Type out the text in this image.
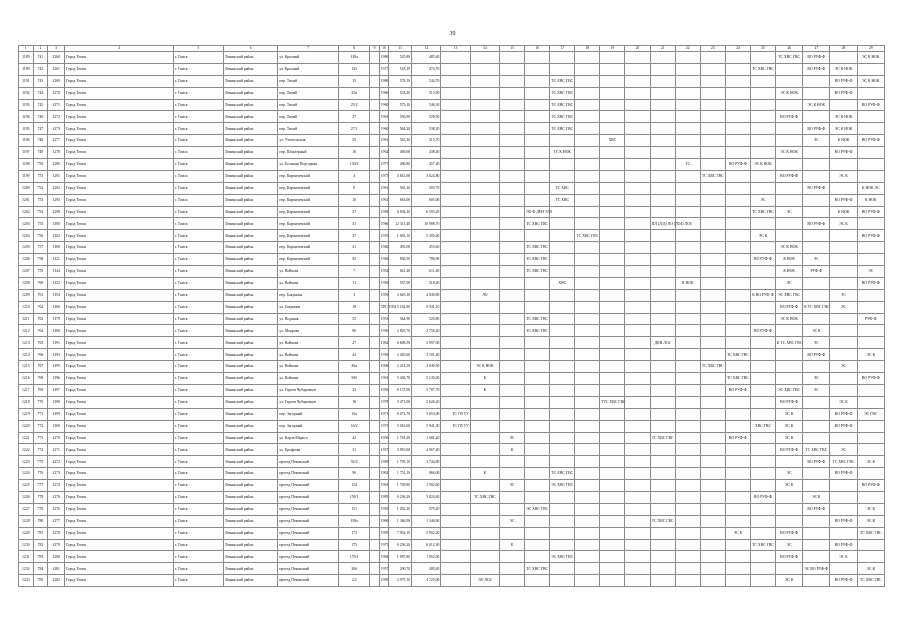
39
1	2	3	4	5	6	7	8	9	10	11	12	13	14	15	16	17	18	19	20	21	22	23	24	25	26	27	28	29
1189	741	1260	Город Томск	г. Томск	Ленинский район	ул. Красный	138а		1986	525,80	485,40														ТС ХВС ГВС	ВО РУФ-Ф		ЭС К НОК
1190	742	1261	Город Томск	г. Томск	Ленинский район	ул. Красный	143		1977	518,19	474,70													ТС ХВС ГВС		ВО РУФ-Ф	ЭС К НОК	
1191	743	1269	Город Томск	г. Томск	Ленинский район	пер. Тихий	15		1986	578,10	544,70					ТС ХВС ГВС											ВО РУФ-Ф	ЭС К НОК
1192	744	1270	Город Томск	г. Томск	Ленинский район	пер. Тихий	25а		1966	553,20	513,90					ТС ХВС ГВС									ЭС К НОК		ВО РУФ-Ф	
1193	745	1271	Город Томск	г. Томск	Ленинский район	пер. Тихий	25/2		1960	575,10	546,30					ТС ХВС ГВС										ЭС К НОК		ВО РУФ-Ф
1194	746	1272	Город Томск	г. Томск	Ленинский район	пер. Тихий	27		1961	556,90	529,50					ТС ХВС ГВС									ВО РУФ-Ф		ЭС К НОК	
1195	747	1273	Город Томск	г. Томск	Ленинский район	пер. Тихий	27/1		1960	564,20	538,20					ТС ХВС ГВС										ВО РУФ-Ф	ЭС К НОК	
1196	748	1277	Город Томск	г. Томск	Ленинский район	ул. Учительская	55		1961	545,30	515,70							ХВС								ЭС	К НОК	ВО РУФ-Ф
1197	749	1278	Город Томск	г. Томск	Ленинский район	пер. Шпалерный	16		1962	469,60	438,40					ТС К НОК									ЭС К НОК		ВО РУФ-Ф	
1198	750	1286	Город Томск	г. Томск	Ленинский район	ул. Большая Подгорная	130/4		1977	496,80	457,40										ТС		ВО РУФ-Ф	ЭС К НОК				
1199	751	1291	Город Томск	г. Томск	Ленинский район	пер. Карпичевский	4		1975	3 841,60	3 624,80											ТС ХВС ГВС			ВО РУФ-Ф		ЭС К	
1200	752	1292	Город Томск	г. Томск	Ленинский район	пер. Карпичевский	8		1961	563,30	503,70					ТС ХВС										ВО РУФ-Ф		К НОК ЭС
1201	753	1293	Город Томск	г. Томск	Ленинский район	пер. Карпичевский	10		1961	663,00	605,00					ТС ХВС								ЭС			ВО РУФ-Ф	К НОК
1202	754	1298	Город Томск	г. Томск	Ленинский район	пер. Карпичевский	27		1958	6 994,20	6 593,20				ЛО Ф ДЕН ЭЛЭ									ТС ХВС ГВС	ЭС		К НОК	ВО РУФ-Ф
1203	755	1300	Город Томск	г. Томск	Ленинский район	пер. Карпичевский	31		1986	12 311,40	10 988,70				ТС ХВС ГВС					ПЛ (Л/Д) ЛО (ЛО4) ЛО5						ВО РУФ-Ф	ЭС К	
1204	756	1302	Город Томск	г. Томск	Ленинский район	пер. Карпичевский	37		1976	1 063,10	5 305,40						ТС ХВС ГВС							ЭС К				ВО РУФ-Ф
1205	757	1308	Город Томск	г. Томск	Ленинский район	пер. Карпичевский	41		1946	493,00	455,60				ТС ХВС ГВС										ЭС К НОК			
1206	758	1321	Город Томск	г. Томск	Ленинский район	пер. Карпичевский	45		1948	836,50	786,90				ТС ХВС ГВС									ВО РУФ-Ф	К НОК	ЭС		
1207	759	1344	Город Томск	г. Томск	Ленинский район	ул. Войкова	7		1954	661,40	611,40				ТС ХВС ГВС										К НОК	РУФ-Ф		ЭС
1208	760	1352	Город Томск	г. Томск	Ленинский район	ул. Войкова	11		1958	537,00	518,40					ХВС					К НОК				ЭС			ВО РУФ-Ф
1209	761	1354	Город Томск	г. Томск	Ленинский район	пер. Бакунина	3		1959	3 645,10	4 849,80		ЛО											К ВО РУФ-Ф	ЭС ХВС ГВС		ТС	
1210	762	1360	Город Томск	г. Томск	Ленинский район	ул. Бакунина	18		ТРС 1954	5 182,80	5 941,10														ВО РУФ-Ф	К ТС ХВС ГВС	ЭС	
1211	763	1379	Город Томск	г. Томск	Ленинский район	ул. Водяная	55		1953	564,90	520,80				ТС ХВС ГВС										ЭС К НОК			РУФ-Ф
1212	764	1380	Город Томск	г. Томск	Ленинский район	ул. Мокрова	96		1956	2 825,70	2 756,20				ТС ХВС ГВС									ВО РУФ-Ф		ЭС К		
1213	765	1391	Город Томск	г. Томск	Ленинский район	ул. Войкова	27		1962	6 609,50	5 997,00									ДЕН ЛО2					К ТС ХВС ГВС	ЭС		
1214	766	1393	Город Томск	г. Томск	Ленинский район	ул. Войкова	44		1959	3 465,60	3 101,40												ТС ХВС ГВС			ВО РУФ-Ф		ЭС К
1215	767	1395	Город Томск	г. Томск	Ленинский район	ул. Войкова	46а		1969	2 214,50	2 040,50		ЭС К НОК									ТС ХВС ГВС					ЭС	
1216	768	1396	Город Томск	г. Томск	Ленинский район	ул. Войкова	50б		1961	5 436,70	5 145,00		К										ТС ХВС ГВС			ЭС		ВО РУФ-Ф
1217	769	1397	Город Томск	г. Томск	Ленинский район	ул. Героев Чубаровцев	23		1959	6 137,00	5 787,70		К										ВО РУФ-Ф		ЭС ХВС ГВС	ЭС		
1218	770	1398	Город Томск	г. Томск	Ленинский район	ул. Героев Чубаровцев	16		1978	3 471,00	3 626,20							ТТС ХВС ГВС							ВО РУФ-Ф		ЭС К	
1219	771	1399	Город Томск	г. Томск	Ленинский район	пер. Загорный	16а		1973	6 072,70	5 053,00	ТС ГВ ТУ													ЭС К		ВО РУФ-Ф	ЭС ГВС
1220	772	1369	Город Томск	г. Томск	Ленинский район	пер. Загорный	16/2		1973	5 016,60	5 941,30	ТС ГВ ТУ												ХВС ГВС	ЭС К		ВО РУФ-Ф	
1221	773	1270	Город Томск	г. Томск	Ленинский район	ул. Карла Маркса	42		1956	1 761,20	1 681,20			ЭС						ТС ХВС ГВС			ВО РУФ-Ф		ЭС К			
1222	774	1271	Город Томск	г. Томск	Ленинский район	ул. Ерофеева	31		1957	3 810,00	4 067,40			К											ВО РУФ-Ф	ТС ХВС ГВС	ЭС	
1223	775	1272	Город Томск	г. Томск	Ленинский район	проезд Пекинский	92/2		1958	1 795,10	1 744,80															ВО РУФ-Ф	ТС ХВС ГВС	ЭС К
1224	776	1273	Город Томск	г. Томск	Ленинский район	проезд Пекинский	96		1962	1 751,10	866,00		К			ТС ХВС ГВС									ЭС		ВО РУФ-Ф	
1225	777	1274	Город Томск	г. Томск	Ленинский район	проезд Пекинский	154		1961	1 749,80	1 582,60			ЭС		ЭС ХВС ГВС									ЭС К			ВО РУФ-Ф
1226	778	1276	Город Томск	г. Томск	Ленинский район	проезд Пекинский	158/1		1985	6 236,20	5 824,40		ТС ХВС ГВС											ВО РУФ-Ф		ЭС К		
1227	779	1276	Город Томск	г. Томск	Ленинский район	проезд Пекинский	151		1959	1 032,20	979,20				ЭС ХВС ГВС											ВО РУФ-Ф		ЭС К
1228	780	1277	Город Томск	г. Томск	Ленинский район	проезд Пекинский	158а		1966	1 346,90	1 346,90			ЭС						ТС ХВС ГВС							ВО РУФ-Ф	ЭС К
1229	781	1278	Город Томск	г. Томск	Ленинский район	проезд Пекинский	173		1995	7 902,10	5 902,20												ЭС К		ВО РУФ-Ф			ТС ХВС ГВС
1230	782	1279	Город Томск	г. Томск	Ленинский район	проезд Пекинский	175		1975	6 256,20	6 012,30			К										ТС ХВС ГВС	ЭС		ВО РУФ-Ф	
1231	783	1280	Город Томск	г. Томск	Ленинский район	проезд Пекинский	179/1		1984	1 987,80	1 852,90					ЭС ХВС ГВС									ВО РУФ-Ф		ЭС К	
1232	784	1281	Город Томск	г. Томск	Ленинский район	проезд Пекинский	206		1957	290,70	280,40				ТС ХВС ГВС											ЭС ВО РУФ-Ф		ЭС К
1233	785	1282	Город Томск	г. Томск	Ленинский район	проезд Пекинский	2/2		1995	2 975,10	4 725,00		ЛО ЛО2												ЭС К		ВО РУФ-Ф	ТС ХВС ГВС
